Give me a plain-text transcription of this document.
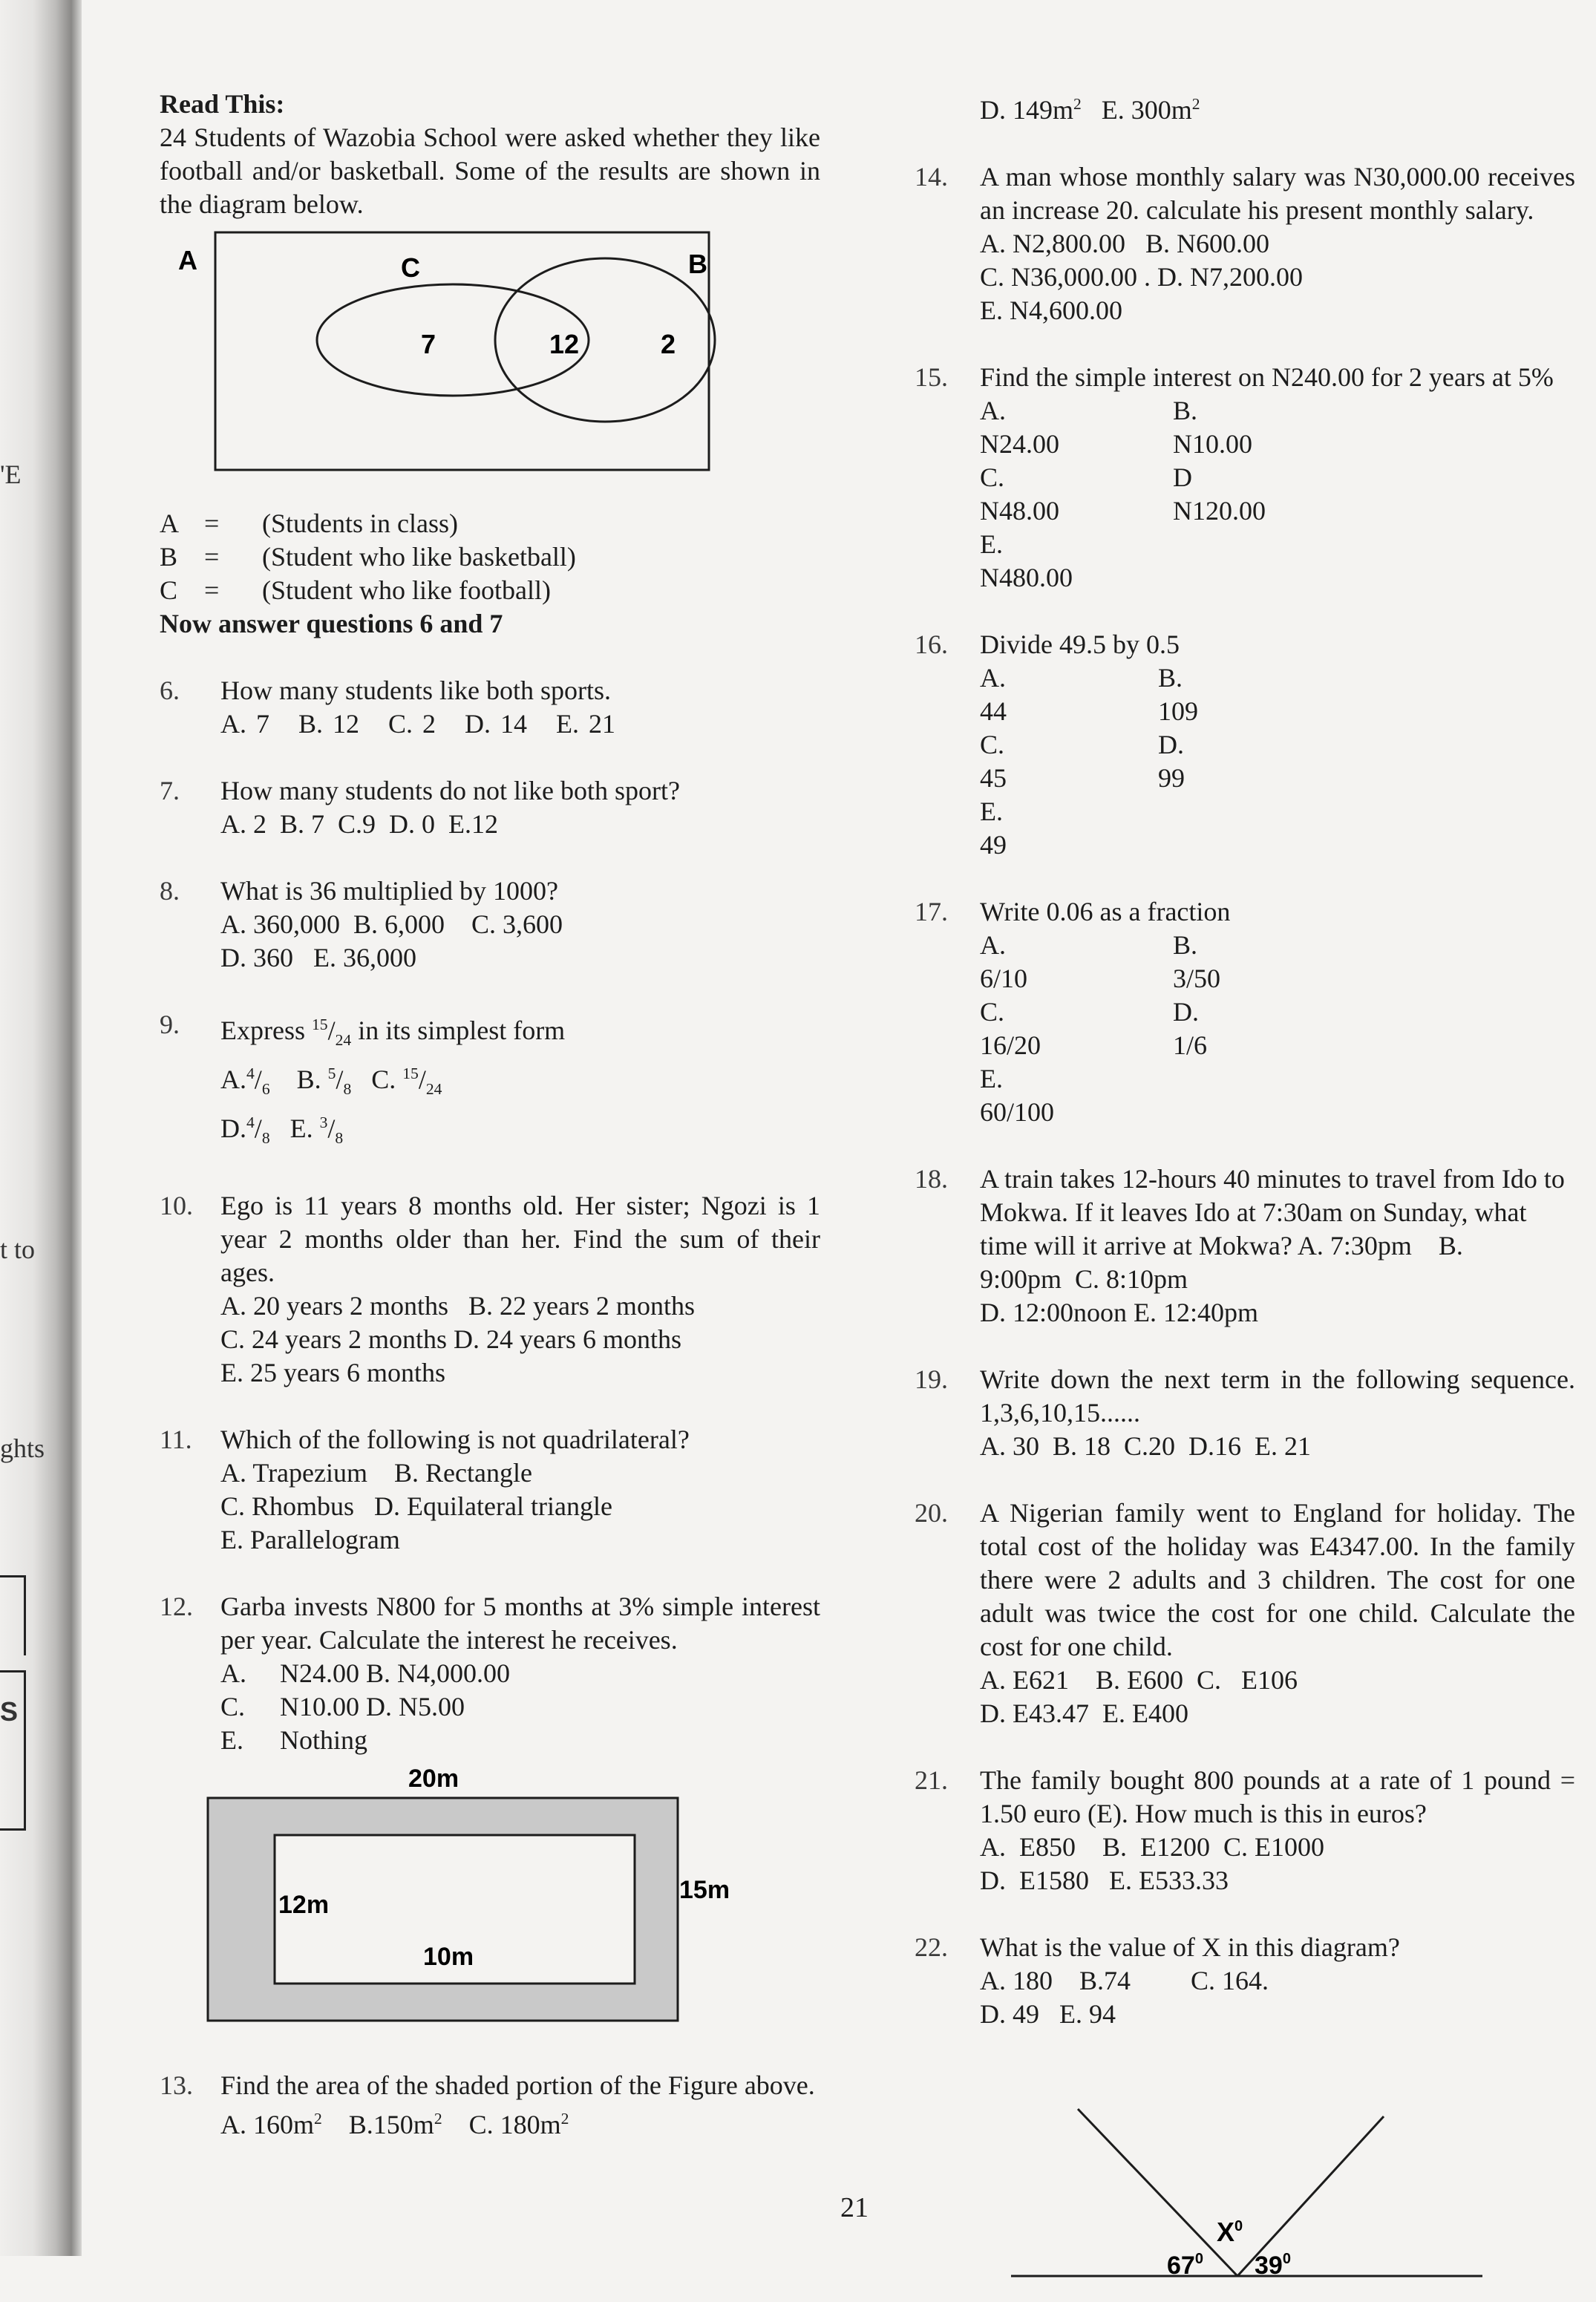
'E
t to
ghts
S

Read This:

24 Students of Wazobia School were asked whether they like football and/or basketball. Some of the results are shown in the diagram below.

A	C	B
7	12	2
A =	(Students in class)
B =	(Student who like basketball)
C =	(Student who like football)

Now answer questions 6 and 7

6.	How many students like both sports.

A. 7 B. 12 C. 2 D. 14 E. 21
7.	How many students do not like both sport?

A. 2 B. 7 C.9 D. 0 E.12
8.	What is 36 multiplied by 1000?

A. 360,000 B. 6,000 C. 3,600
D. 360 E. 36,000
9.	Express $^{15}/_{24}$ in its simplest form

$A.^4/_6$ B. $^5/_8$ C. $^{15}/_{24}$
$D.^4/_8$ E. $^3/_8$
10.	Ego is 11 years 8 months old. Her sister; Ngozi is 1 year 2 months older than her. Find the sum of their ages.

A. 20 years 2 months B. 22 years 2 months
C. 24 years 2 months D. 24 years 6 months
E. 25 years 6 months
11.	Which of the following is not quadrilateral?

A. Trapezium B. Rectangle
C. Rhombus D. Equilateral triangle
E. Parallelogram
12.	Garba invests N800 for 5 months at 3% simple interest per year. Calculate the interest he receives.

A. N24.00 B. N4,000.00
C. N10.00 D. N5.00
E. Nothing
20m
15m
12m
10m
13.	Find the area of the shaded portion of the Figure above.

A. $160m^2$ $B.150m^2$ C. $180m^2$
D. $149m^2$ E. $300m^2$
14.	A man whose monthly salary was N30,000.00 receives an increase 20. calculate his present monthly salary.

A. N2,800.00 B. N600.00
C. N36,000.00 . D. N7,200.00
E. N4,600.00
15.	Find the simple interest on N240.00 for 2 years at 5%

A.
N24.00
B.
N10.00
C.
N48.00
D
N120.00
E.
N480.00
16.	Divide 49.5 by 0.5

A.
44
B.
109
C.
45
D.
99
E.
49
17.	Write 0.06 as a fraction

A.
6/10
B.
3/50
C.
16/20
D.
1/6
E.
60/100
18.	A train takes 12-hours 40 minutes to travel from Ido to Mokwa. If it leaves Ido at 7:30am on Sunday, what time will it arrive at Mokwa? A. 7:30pm B. 9:00pm C. 8:10pm
D. 12:00noon E. 12:40pm
19.	Write down the next term in the following sequence. 1,3,6,10,15......

A. 30 B. 18 C.20 D.16 E. 21
20.	A Nigerian family went to England for holiday. The total cost of the holiday was E4347.00. In the family there were 2 adults and 3 children. The cost for one adult was twice the cost for one child. Calculate the cost for one child.

A. E621 B. E600 C. E106
D. E43.47 E. E400
21.	The family bought 800 pounds at a rate of 1 pound = 1.50 euro (E). How much is this in euros?

A. E850 B. E1200 C. E1000
D. E1580 E. E533.33
22.	What is the value of X in this diagram?

A. 180 B.74 C. 164.
D. 49 E. 94
$X^0$
$67^0$ $39^0$
21
